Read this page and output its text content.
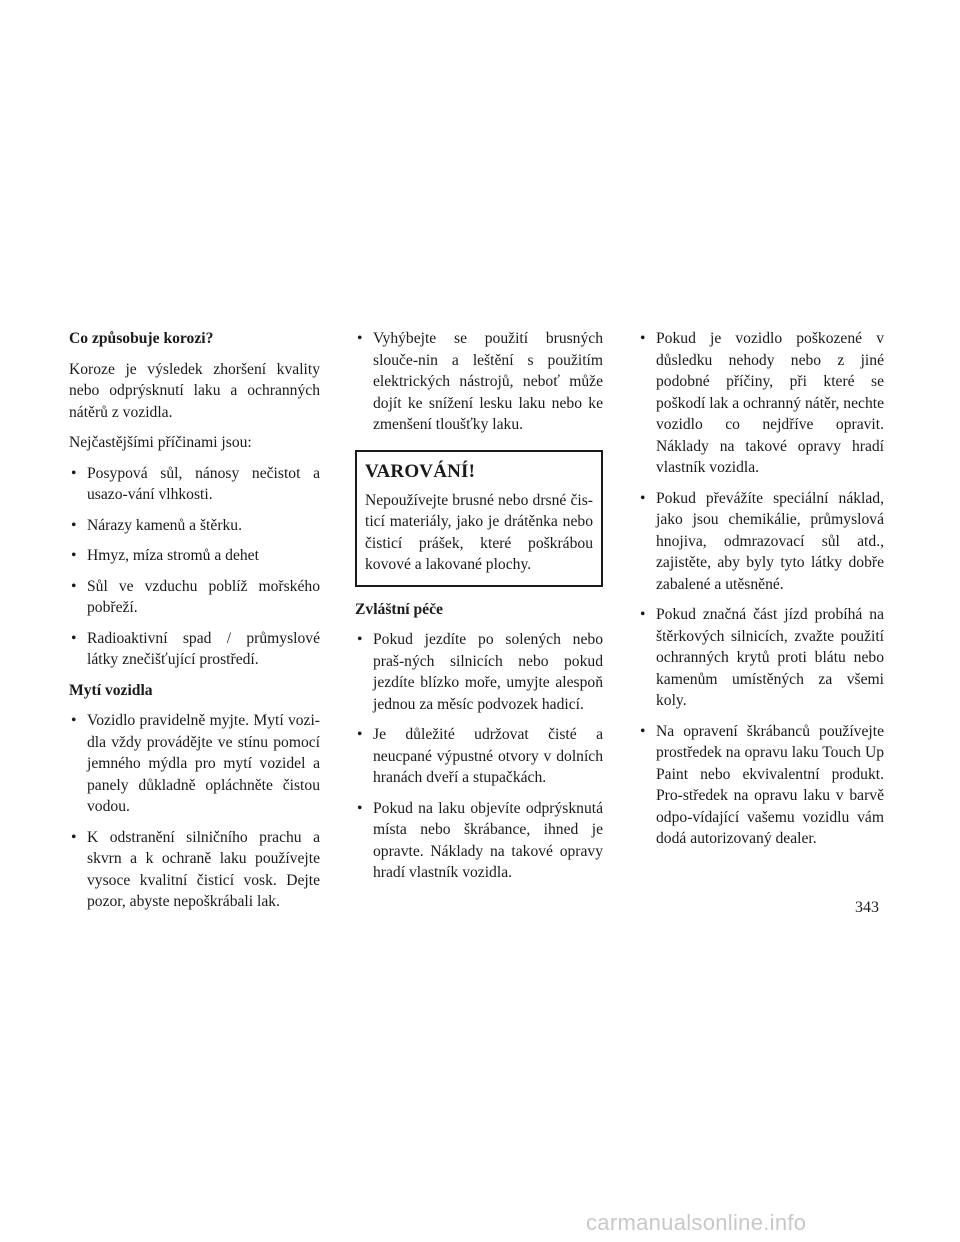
Co způsobuje korozi?

Koroze je výsledek zhoršení kvality nebo odprýsknutí laku a ochranných nátěrů z vozidla.

Nejčastějšími příčinami jsou:

• Posypová sůl, nánosy nečistot a usazo-vání vlhkosti.
• Nárazy kamenů a štěrku.
• Hmyz, míza stromů a dehet
• Sůl ve vzduchu poblíž mořského pobřeží.
• Radioaktivní spad / průmyslové látky znečišťující prostředí.

Mytí vozidla

• Vozidlo pravidelně myjte. Mytí vozi-dla vždy provádějte ve stínu pomocí jemného mýdla pro mytí vozidel a panely důkladně opláchněte čistou vodou.
• K odstranění silničního prachu a skvrn a k ochraně laku používejte vysoce kvalitní čisticí vosk. Dejte pozor, abyste nepoškrábali lak.
• Vyhýbejte se použití brusných slouče-nin a leštění s použitím elektrických nástrojů, neboť může dojít ke snížení lesku laku nebo ke zmenšení tloušťky laku.
VAROVÁNÍ!

Nepoužívejte brusné nebo drsné čis-ticí materiály, jako je drátěnka nebo čisticí prášek, které poškrábou kovové a lakované plochy.

Zvláštní péče

• Pokud jezdíte po solených nebo praš-ných silnicích nebo pokud jezdíte blízko moře, umyjte alespoň jednou za měsíc podvozek hadicí.
• Je důležité udržovat čisté a neucpané výpustné otvory v dolních hranách dveří a stupačkách.
• Pokud na laku objevíte odprýsknutá místa nebo škrábance, ihned je opravte. Náklady na takové opravy hradí vlastník vozidla.
• Pokud je vozidlo poškozené v důsledku nehody nebo z jiné podobné příčiny, při které se poškodí lak a ochranný nátěr, nechte vozidlo co nejdříve opravit. Náklady na takové opravy hradí vlastník vozidla.
• Pokud převážíte speciální náklad, jako jsou chemikálie, průmyslová hnojiva, odmrazovací sůl atd., zajistěte, aby byly tyto látky dobře zabalené a utěsněné.
• Pokud značná část jízd probíhá na štěrkových silnicích, zvažte použití ochranných krytů proti blátu nebo kamenům umístěných za všemi koly.
• Na opravení škrábanců používejte prostředek na opravu laku Touch Up Paint nebo ekvivalentní produkt. Pro-středek na opravu laku v barvě odpo-vídající vašemu vozidlu vám dodá autorizovaný dealer.
343
carmanualsonline.info
